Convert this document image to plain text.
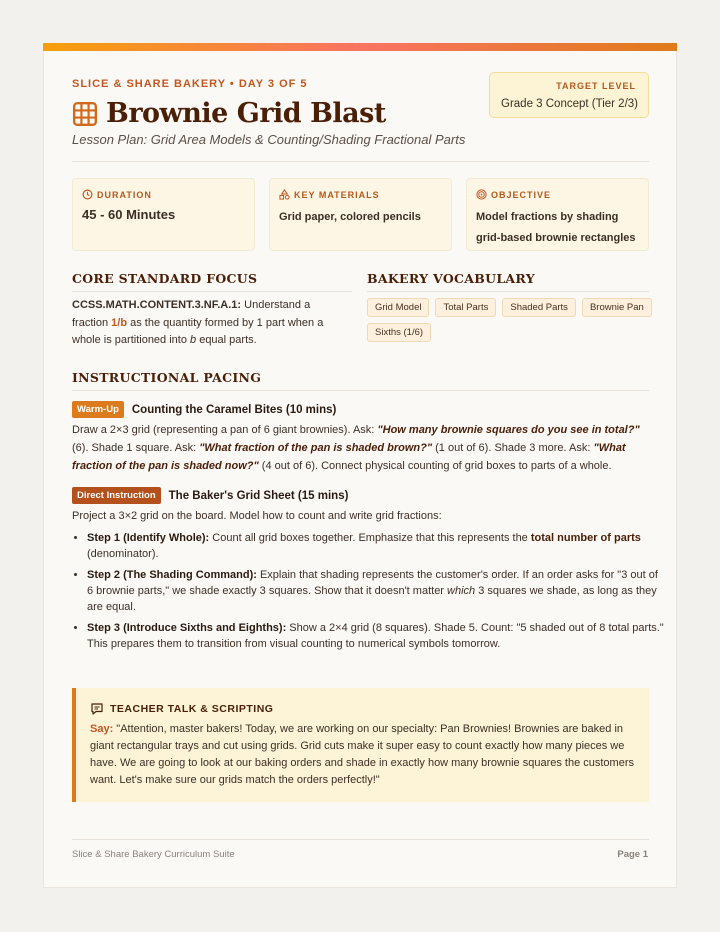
SLICE & SHARE BAKERY • DAY 3 OF 5
Brownie Grid Blast
Lesson Plan: Grid Area Models & Counting/Shading Fractional Parts
TARGET LEVEL
Grade 3 Concept (Tier 2/3)
DURATION
45 - 60 Minutes
KEY MATERIALS
Grid paper, colored pencils
OBJECTIVE
Model fractions by shading grid-based brownie rectangles
CORE STANDARD FOCUS
CCSS.MATH.CONTENT.3.NF.A.1: Understand a fraction 1/b as the quantity formed by 1 part when a whole is partitioned into b equal parts.
BAKERY VOCABULARY
Grid Model	Total Parts	Shaded Parts	Brownie Pan
Sixths (1/6)
INSTRUCTIONAL PACING
Warm-Up	Counting the Caramel Bites (10 mins)
Draw a 2×3 grid (representing a pan of 6 giant brownies). Ask: "How many brownie squares do you see in total?" (6). Shade 1 square. Ask: "What fraction of the pan is shaded brown?" (1 out of 6). Shade 3 more. Ask: "What fraction of the pan is shaded now?" (4 out of 6). Connect physical counting of grid boxes to parts of a whole.
Direct Instruction	The Baker's Grid Sheet (15 mins)
Project a 3×2 grid on the board. Model how to count and write grid fractions:
• Step 1 (Identify Whole): Count all grid boxes together. Emphasize that this represents the total number of parts (denominator).
• Step 2 (The Shading Command): Explain that shading represents the customer's order. If an order asks for "3 out of 6 brownie parts," we shade exactly 3 squares. Show that it doesn't matter which 3 squares we shade, as long as they are equal.
• Step 3 (Introduce Sixths and Eighths): Show a 2×4 grid (8 squares). Shade 5. Count: "5 shaded out of 8 total parts." This prepares them to transition from visual counting to numerical symbols tomorrow.
TEACHER TALK & SCRIPTING
Say: "Attention, master bakers! Today, we are working on our specialty: Pan Brownies! Brownies are baked in giant rectangular trays and cut using grids. Grid cuts make it super easy to count exactly how many pieces we have. We are going to look at our baking orders and shade in exactly how many brownie squares the customers want. Let's make sure our grids match the orders perfectly!"
Slice & Share Bakery Curriculum Suite	Page 1
